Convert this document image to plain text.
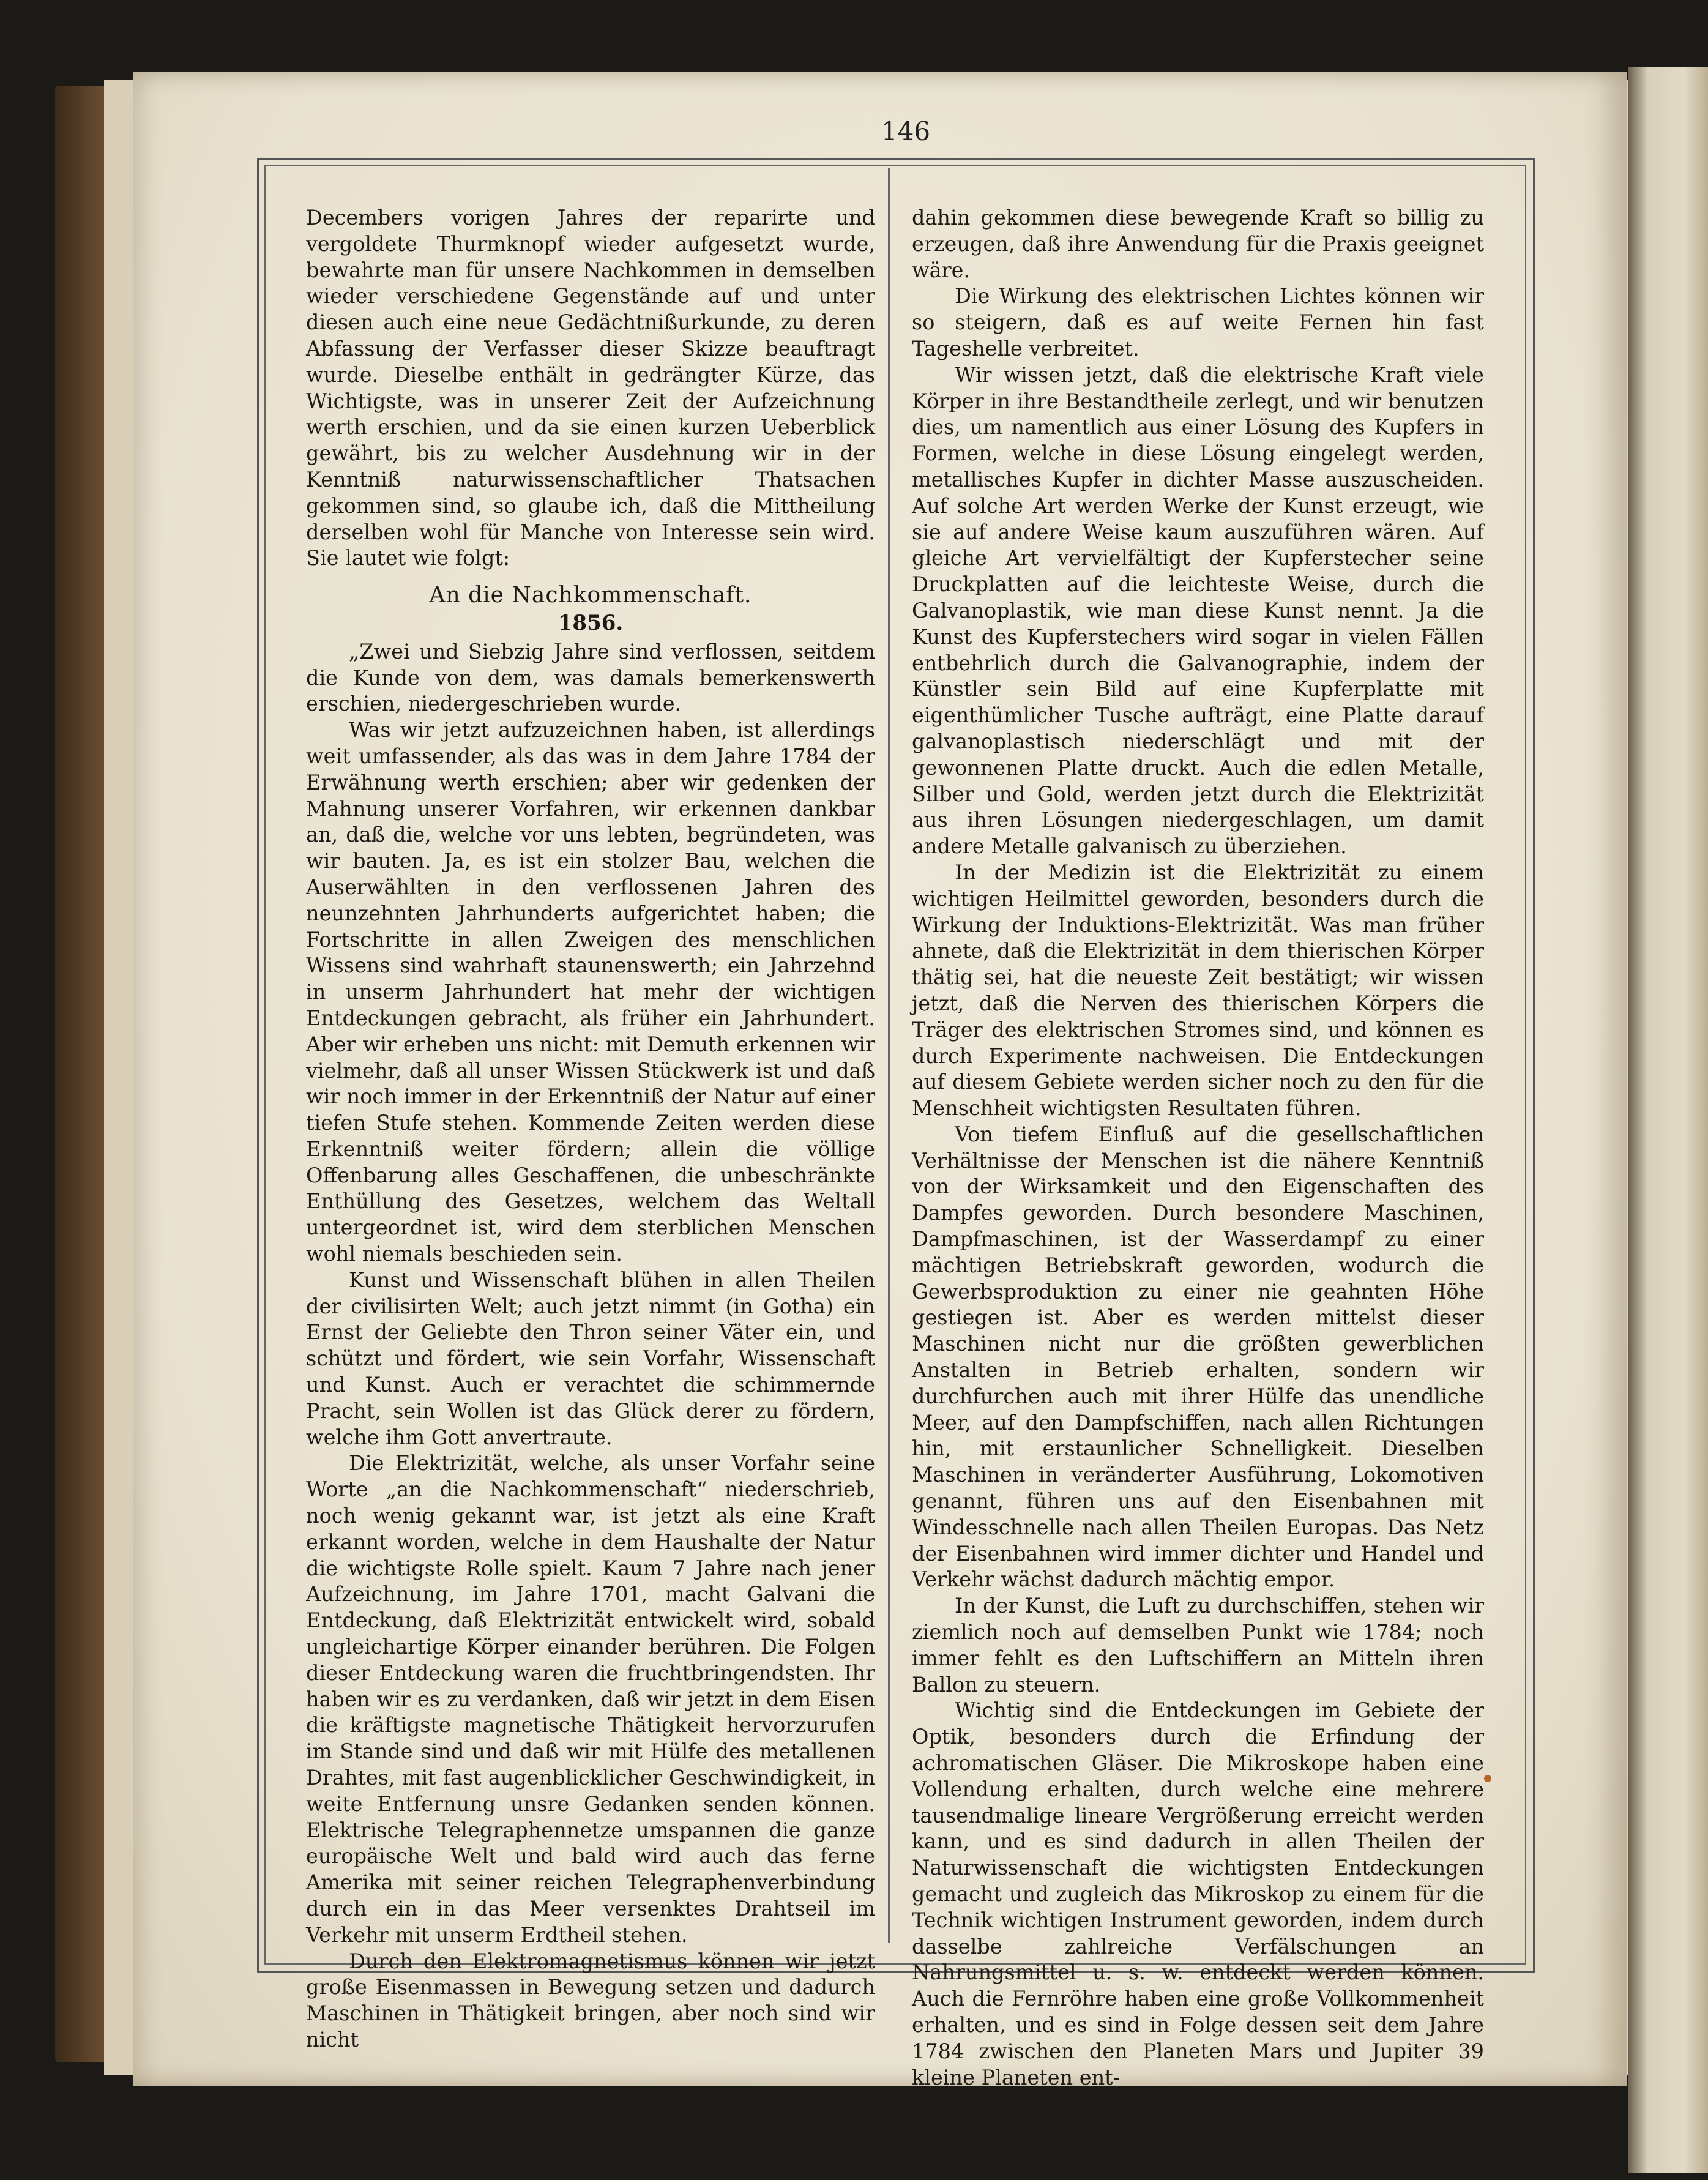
146

Decembers vorigen Jahres der reparirte und vergoldete Thurmknopf wieder aufgesetzt wurde, bewahrte man für unsere Nachkommen in demselben wieder verschiedene Gegenstände auf und unter diesen auch eine neue Gedächtnißurkunde, zu deren Abfassung der Verfasser dieser Skizze beauftragt wurde. Dieselbe enthält in gedrängter Kürze, das Wichtigste, was in unserer Zeit der Aufzeichnung werth erschien, und da sie einen kurzen Ueberblick gewährt, bis zu welcher Ausdehnung wir in der Kenntniß naturwissenschaftlicher Thatsachen gekommen sind, so glaube ich, daß die Mittheilung derselben wohl für Manche von Interesse sein wird. Sie lautet wie folgt:

An die Nachkommenschaft.
1856.

„Zwei und Siebzig Jahre sind verflossen, seitdem die Kunde von dem, was damals bemerkenswerth erschien, niedergeschrieben wurde.

Was wir jetzt aufzuzeichnen haben, ist allerdings weit umfassender, als das was in dem Jahre 1784 der Erwähnung werth erschien; aber wir gedenken der Mahnung unserer Vorfahren, wir erkennen dankbar an, daß die, welche vor uns lebten, begründeten, was wir bauten. Ja, es ist ein stolzer Bau, welchen die Auserwählten in den verflossenen Jahren des neunzehnten Jahrhunderts aufgerichtet haben; die Fortschritte in allen Zweigen des menschlichen Wissens sind wahrhaft staunenswerth; ein Jahrzehnd in unserm Jahrhundert hat mehr der wichtigen Entdeckungen gebracht, als früher ein Jahrhundert. Aber wir erheben uns nicht: mit Demuth erkennen wir vielmehr, daß all unser Wissen Stückwerk ist und daß wir noch immer in der Erkenntniß der Natur auf einer tiefen Stufe stehen. Kommende Zeiten werden diese Erkenntniß weiter fördern; allein die völlige Offenbarung alles Geschaffenen, die unbeschränkte Enthüllung des Gesetzes, welchem das Weltall untergeordnet ist, wird dem sterblichen Menschen wohl niemals beschieden sein.

Kunst und Wissenschaft blühen in allen Theilen der civilisirten Welt; auch jetzt nimmt (in Gotha) ein Ernst der Geliebte den Thron seiner Väter ein, und schützt und fördert, wie sein Vorfahr, Wissenschaft und Kunst. Auch er verachtet die schimmernde Pracht, sein Wollen ist das Glück derer zu fördern, welche ihm Gott anvertraute.

Die Elektrizität, welche, als unser Vorfahr seine Worte „an die Nachkommenschaft“ niederschrieb, noch wenig gekannt war, ist jetzt als eine Kraft erkannt worden, welche in dem Haushalte der Natur die wichtigste Rolle spielt. Kaum 7 Jahre nach jener Aufzeichnung, im Jahre 1701, macht Galvani die Entdeckung, daß Elektrizität entwickelt wird, sobald ungleichartige Körper einander berühren. Die Folgen dieser Entdeckung waren die fruchtbringendsten. Ihr haben wir es zu verdanken, daß wir jetzt in dem Eisen die kräftigste magnetische Thätigkeit hervorzurufen im Stande sind und daß wir mit Hülfe des metallenen Drahtes, mit fast augenblicklicher Geschwindigkeit, in weite Entfernung unsre Gedanken senden können. Elektrische Telegraphennetze umspannen die ganze europäische Welt und bald wird auch das ferne Amerika mit seiner reichen Telegraphenverbindung durch ein in das Meer versenktes Drahtseil im Verkehr mit unserm Erdtheil stehen.

Durch den Elektromagnetismus können wir jetzt große Eisenmassen in Bewegung setzen und dadurch Maschinen in Thätigkeit bringen, aber noch sind wir nicht

dahin gekommen diese bewegende Kraft so billig zu erzeugen, daß ihre Anwendung für die Praxis geeignet wäre.

Die Wirkung des elektrischen Lichtes können wir so steigern, daß es auf weite Fernen hin fast Tageshelle verbreitet.

Wir wissen jetzt, daß die elektrische Kraft viele Körper in ihre Bestandtheile zerlegt, und wir benutzen dies, um namentlich aus einer Lösung des Kupfers in Formen, welche in diese Lösung eingelegt werden, metallisches Kupfer in dichter Masse auszuscheiden. Auf solche Art werden Werke der Kunst erzeugt, wie sie auf andere Weise kaum auszuführen wären. Auf gleiche Art vervielfältigt der Kupferstecher seine Druckplatten auf die leichteste Weise, durch die Galvanoplastik, wie man diese Kunst nennt. Ja die Kunst des Kupferstechers wird sogar in vielen Fällen entbehrlich durch die Galvanographie, indem der Künstler sein Bild auf eine Kupferplatte mit eigenthümlicher Tusche aufträgt, eine Platte darauf galvanoplastisch niederschlägt und mit der gewonnenen Platte druckt. Auch die edlen Metalle, Silber und Gold, werden jetzt durch die Elektrizität aus ihren Lösungen niedergeschlagen, um damit andere Metalle galvanisch zu überziehen.

In der Medizin ist die Elektrizität zu einem wichtigen Heilmittel geworden, besonders durch die Wirkung der Induktions-Elektrizität. Was man früher ahnete, daß die Elektrizität in dem thierischen Körper thätig sei, hat die neueste Zeit bestätigt; wir wissen jetzt, daß die Nerven des thierischen Körpers die Träger des elektrischen Stromes sind, und können es durch Experimente nachweisen. Die Entdeckungen auf diesem Gebiete werden sicher noch zu den für die Menschheit wichtigsten Resultaten führen.

Von tiefem Einfluß auf die gesellschaftlichen Verhältnisse der Menschen ist die nähere Kenntniß von der Wirksamkeit und den Eigenschaften des Dampfes geworden. Durch besondere Maschinen, Dampfmaschinen, ist der Wasserdampf zu einer mächtigen Betriebskraft geworden, wodurch die Gewerbsproduktion zu einer nie geahnten Höhe gestiegen ist. Aber es werden mittelst dieser Maschinen nicht nur die größten gewerblichen Anstalten in Betrieb erhalten, sondern wir durchfurchen auch mit ihrer Hülfe das unendliche Meer, auf den Dampfschiffen, nach allen Richtungen hin, mit erstaunlicher Schnelligkeit. Dieselben Maschinen in veränderter Ausführung, Lokomotiven genannt, führen uns auf den Eisenbahnen mit Windesschnelle nach allen Theilen Europas. Das Netz der Eisenbahnen wird immer dichter und Handel und Verkehr wächst dadurch mächtig empor.

In der Kunst, die Luft zu durchschiffen, stehen wir ziemlich noch auf demselben Punkt wie 1784; noch immer fehlt es den Luftschiffern an Mitteln ihren Ballon zu steuern.

Wichtig sind die Entdeckungen im Gebiete der Optik, besonders durch die Erfindung der achromatischen Gläser. Die Mikroskope haben eine Vollendung erhalten, durch welche eine mehrere tausendmalige lineare Vergrößerung erreicht werden kann, und es sind dadurch in allen Theilen der Naturwissenschaft die wichtigsten Entdeckungen gemacht und zugleich das Mikroskop zu einem für die Technik wichtigen Instrument geworden, indem durch dasselbe zahlreiche Verfälschungen an Nahrungsmittel u. s. w. entdeckt werden können. Auch die Fernröhre haben eine große Vollkommenheit erhalten, und es sind in Folge dessen seit dem Jahre 1784 zwischen den Planeten Mars und Jupiter 39 kleine Planeten ent-
